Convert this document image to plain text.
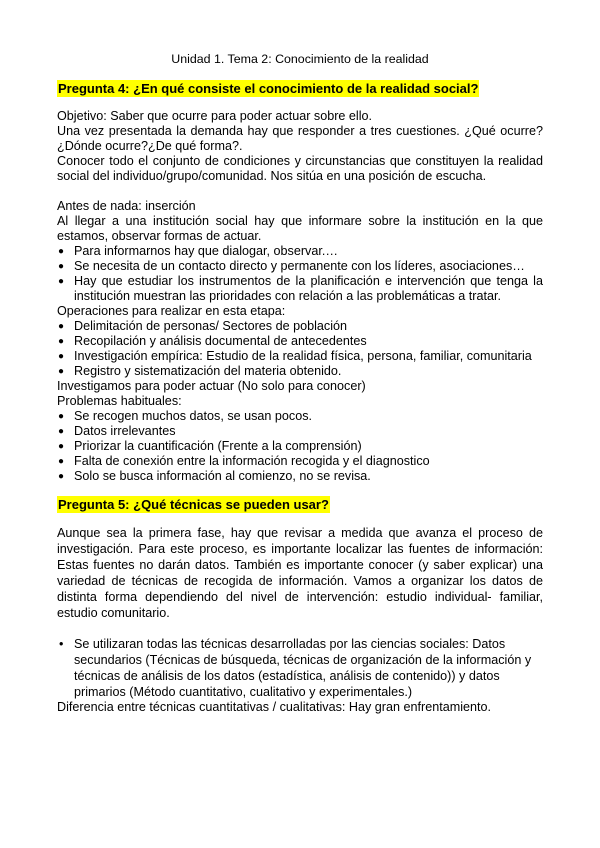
Unidad 1. Tema 2: Conocimiento de la realidad
Pregunta 4: ¿En qué consiste el conocimiento de la realidad social?

Objetivo: Saber que ocurre para poder actuar sobre ello.

Una vez presentada la demanda hay que responder a tres cuestiones. ¿Qué ocurre? ¿Dónde ocurre?¿De qué forma?.

Conocer todo el conjunto de condiciones y circunstancias que constituyen la realidad social del individuo/grupo/comunidad. Nos sitúa en una posición de escucha.

Antes de nada: inserción

Al llegar a una institución social hay que informare sobre la institución en la que estamos, observar formas de actuar.

● Para informarnos hay que dialogar, observar.…
● Se necesita de un contacto directo y permanente con los líderes, asociaciones…
● Hay que estudiar los instrumentos de la planificación e intervención que tenga la institución muestran las prioridades con relación a las problemáticas a tratar.

Operaciones para realizar en esta etapa:

● Delimitación de personas/ Sectores de población
● Recopilación y análisis documental de antecedentes
● Investigación empírica: Estudio de la realidad física, persona, familiar, comunitaria
● Registro y sistematización del materia obtenido.

Investigamos para poder actuar (No solo para conocer)

Problemas habituales:

● Se recogen muchos datos, se usan pocos.
● Datos irrelevantes
● Priorizar la cuantificación (Frente a la comprensión)
● Falta de conexión entre la información recogida y el diagnostico
● Solo se busca información al comienzo, no se revisa.
Pregunta 5: ¿Qué técnicas se pueden usar?

Aunque sea la primera fase, hay que revisar a medida que avanza el proceso de investigación. Para este proceso, es importante localizar las fuentes de información: Estas fuentes no darán datos. También es importante conocer (y saber explicar) una variedad de técnicas de recogida de información. Vamos a organizar los datos de distinta forma dependiendo del nivel de intervención: estudio individual- familiar, estudio comunitario.

• Se utilizaran todas las técnicas desarrolladas por las ciencias sociales: Datos secundarios (Técnicas de búsqueda, técnicas de organización de la información y técnicas de análisis de los datos (estadística, análisis de contenido)) y datos primarios (Método cuantitativo, cualitativo y experimentales.)

Diferencia entre técnicas cuantitativas / cualitativas: Hay gran enfrentamiento.
